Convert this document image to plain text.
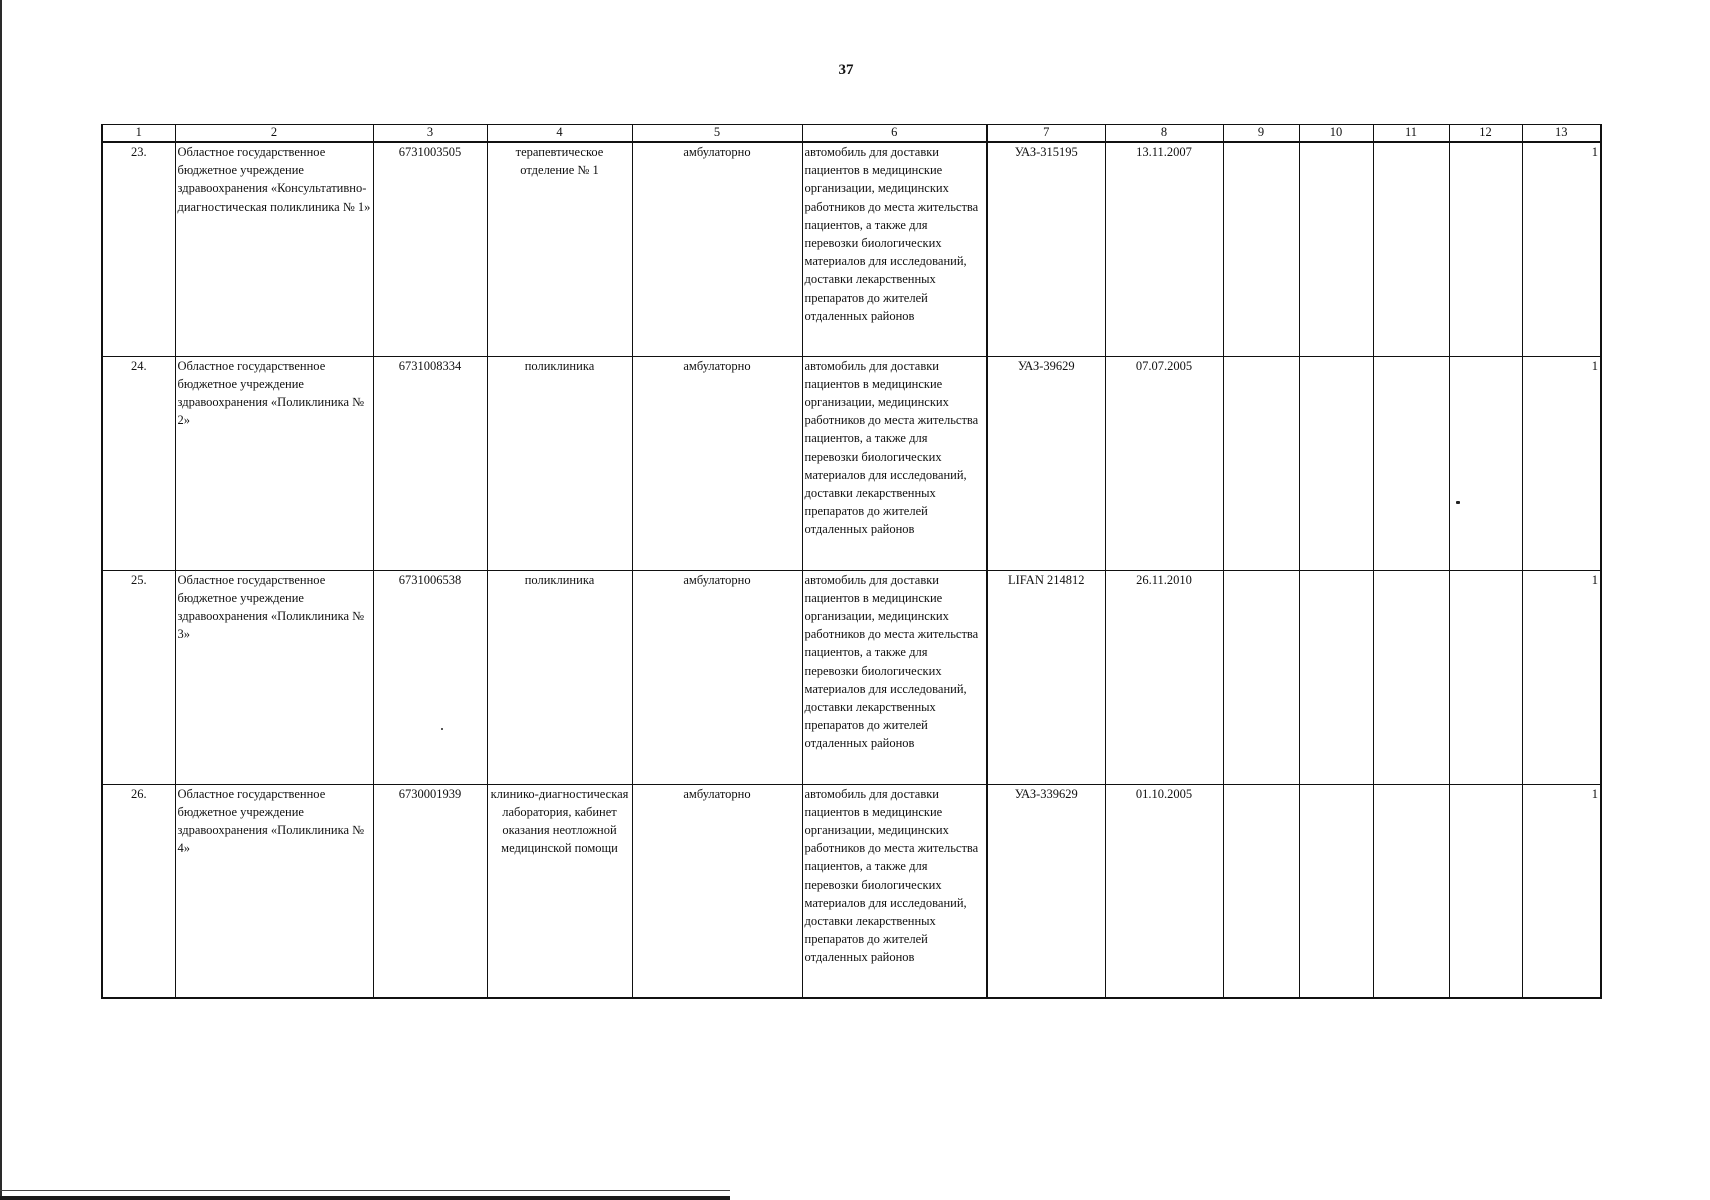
37
1	2	3	4	5	6	7	8	9	10	11	12	13
23.	Областное государственное бюджетное учреждение здравоохранения «Консультативно-диагностическая поликлиника № 1»	6731003505	терапевтическое отделение № 1	амбулаторно	автомобиль для доставки пациентов в медицинские организации, медицинских работников до места жительства пациентов, а также для перевозки биологических материалов для исследований, доставки лекарственных препаратов до жителей отдаленных районов	УАЗ-315195	13.11.2007					1
24.	Областное государственное бюджетное учреждение здравоохранения «Поликлиника № 2»	6731008334	поликлиника	амбулаторно	автомобиль для доставки пациентов в медицинские организации, медицинских работников до места жительства пациентов, а также для перевозки биологических материалов для исследований, доставки лекарственных препаратов до жителей отдаленных районов	УАЗ-39629	07.07.2005					1
25.	Областное государственное бюджетное учреждение здравоохранения «Поликлиника № 3»	6731006538	поликлиника	амбулаторно	автомобиль для доставки пациентов в медицинские организации, медицинских работников до места жительства пациентов, а также для перевозки биологических материалов для исследований, доставки лекарственных препаратов до жителей отдаленных районов	LIFAN 214812	26.11.2010					1
26.	Областное государственное бюджетное учреждение здравоохранения «Поликлиника № 4»	6730001939	клинико-диагностическая лаборатория, кабинет оказания неотложной медицинской помощи	амбулаторно	автомобиль для доставки пациентов в медицинские организации, медицинских работников до места жительства пациентов, а также для перевозки биологических материалов для исследований, доставки лекарственных препаратов до жителей отдаленных районов	УАЗ-339629	01.10.2005					1
